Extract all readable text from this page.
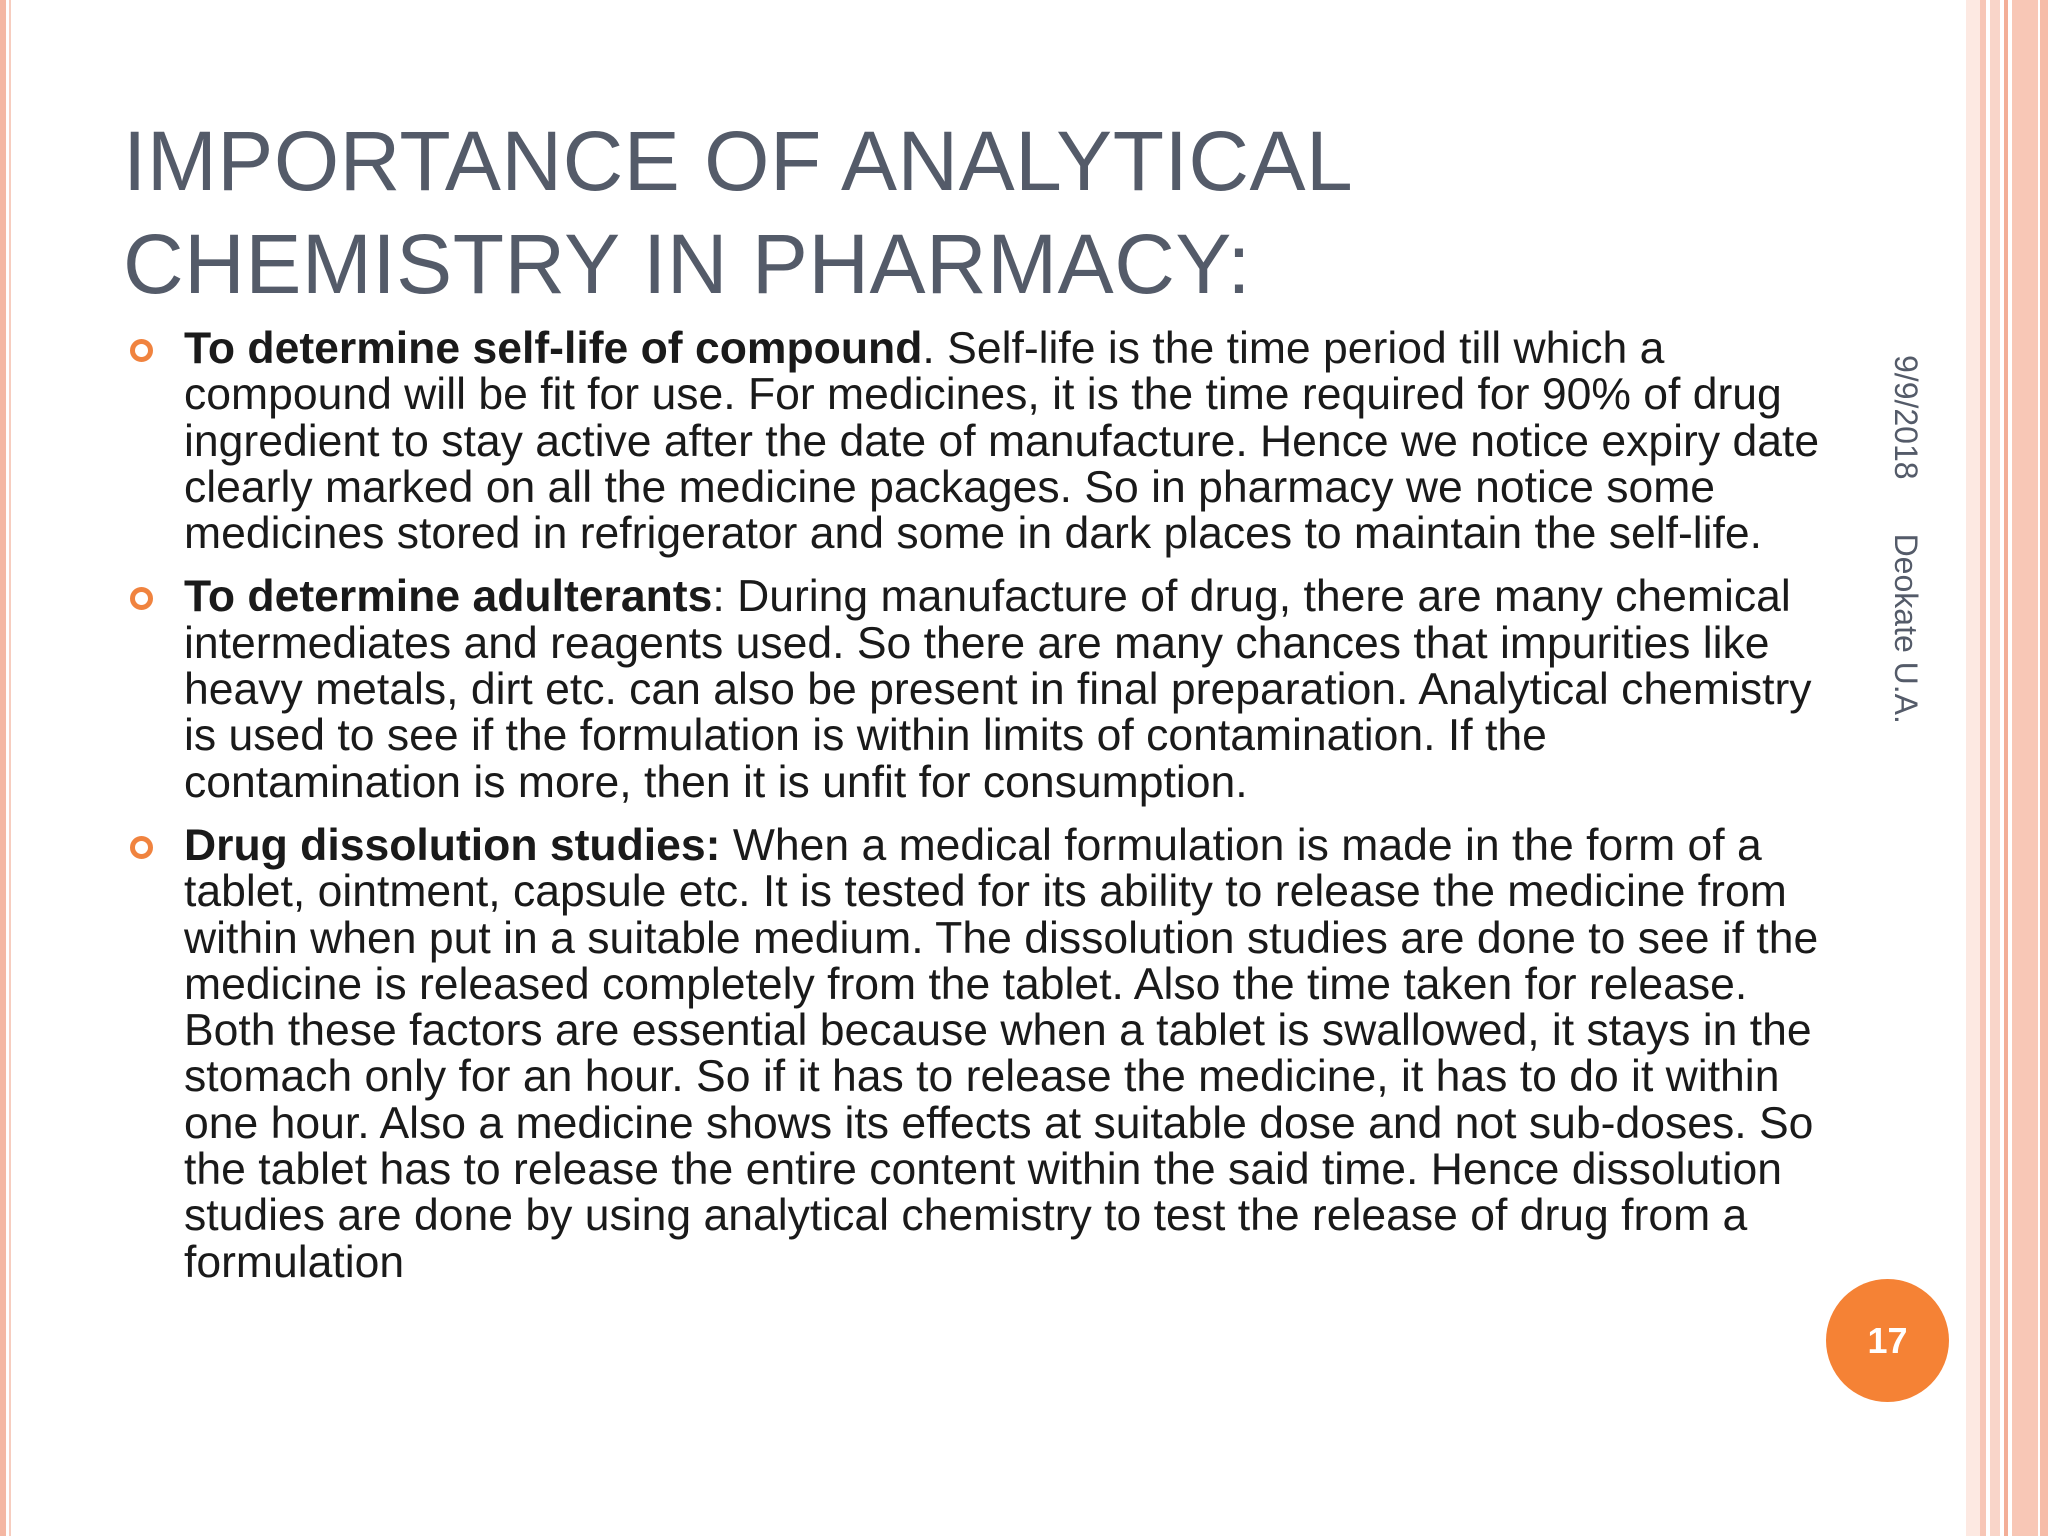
IMPORTANCE OF ANALYTICAL
CHEMISTRY IN PHARMACY:
To determine self-life of compound. Self-life is the time period till which a compound will be fit for use. For medicines, it is the time required for 90% of drug ingredient to stay active after the date of manufacture. Hence we notice expiry date clearly marked on all the medicine packages. So in pharmacy we notice some medicines stored in refrigerator and some in dark places to maintain the self-life.
To determine adulterants: During manufacture of drug, there are many chemical intermediates and reagents used. So there are many chances that impurities like heavy metals, dirt etc. can also be present in final preparation. Analytical chemistry is used to see if the formulation is within limits of contamination. If the contamination is more, then it is unfit for consumption.
Drug dissolution studies: When a medical formulation is made in the form of a tablet, ointment, capsule etc. It is tested for its ability to release the medicine from within when put in a suitable medium. The dissolution studies are done to see if the medicine is released completely from the tablet. Also the time taken for release. Both these factors are essential because when a tablet is swallowed, it stays in the stomach only for an hour. So if it has to release the medicine, it has to do it within one hour. Also a medicine shows its effects at suitable dose and not sub-doses. So the tablet has to release the entire content within the said time. Hence dissolution studies are done by using analytical chemistry to test the release of drug from a formulation
9/9/2018Deokate U.A.
17
